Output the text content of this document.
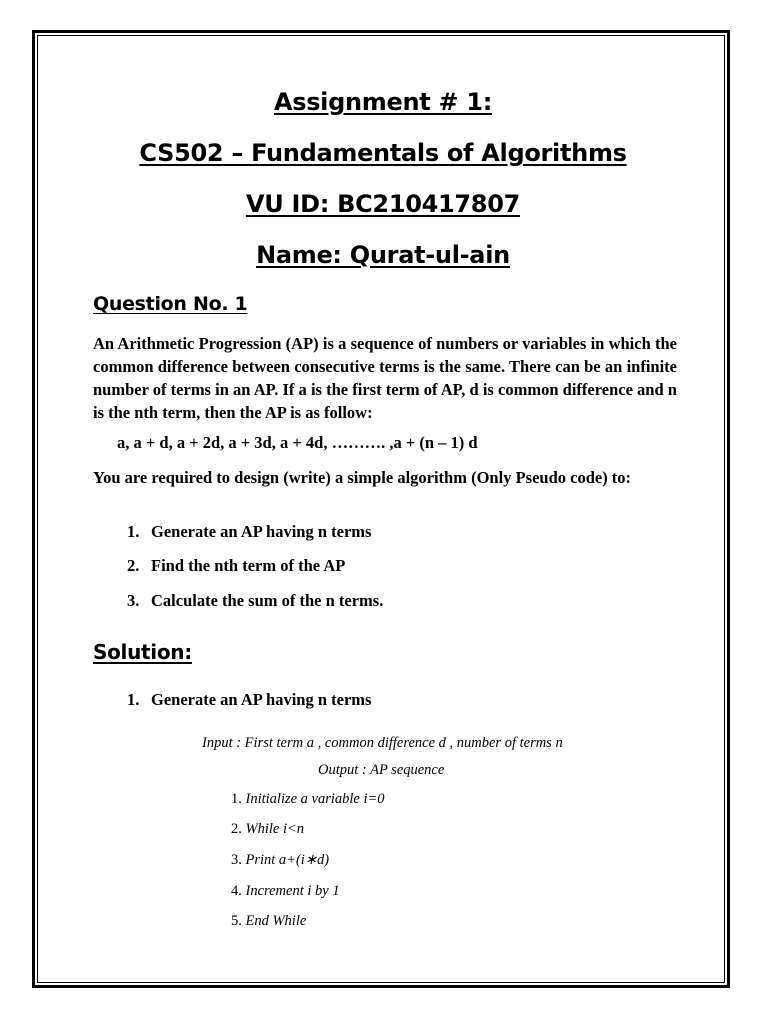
Assignment # 1:
CS502 – Fundamentals of Algorithms
VU ID: BC210417807
Name: Qurat-ul-ain
Question No. 1
An Arithmetic Progression (AP) is a sequence of numbers or variables in which the common difference between consecutive terms is the same. There can be an infinite number of terms in an AP. If a is the first term of AP, d is common difference and n is the nth term, then the AP is as follow:
a, a + d, a + 2d, a + 3d, a + 4d, ………. ,a + (n – 1) d
You are required to design (write) a simple algorithm (Only Pseudo code) to:
1. Generate an AP having n terms
2. Find the nth term of the AP
3. Calculate the sum of the n terms.
Solution:
1. Generate an AP having n terms
Input : First term a , common difference d , number of terms n
Output : AP sequence
1. Initialize a variable i=0
2. While i<n
3. Print a+(i∗d)
4. Increment i by 1
5. End While
